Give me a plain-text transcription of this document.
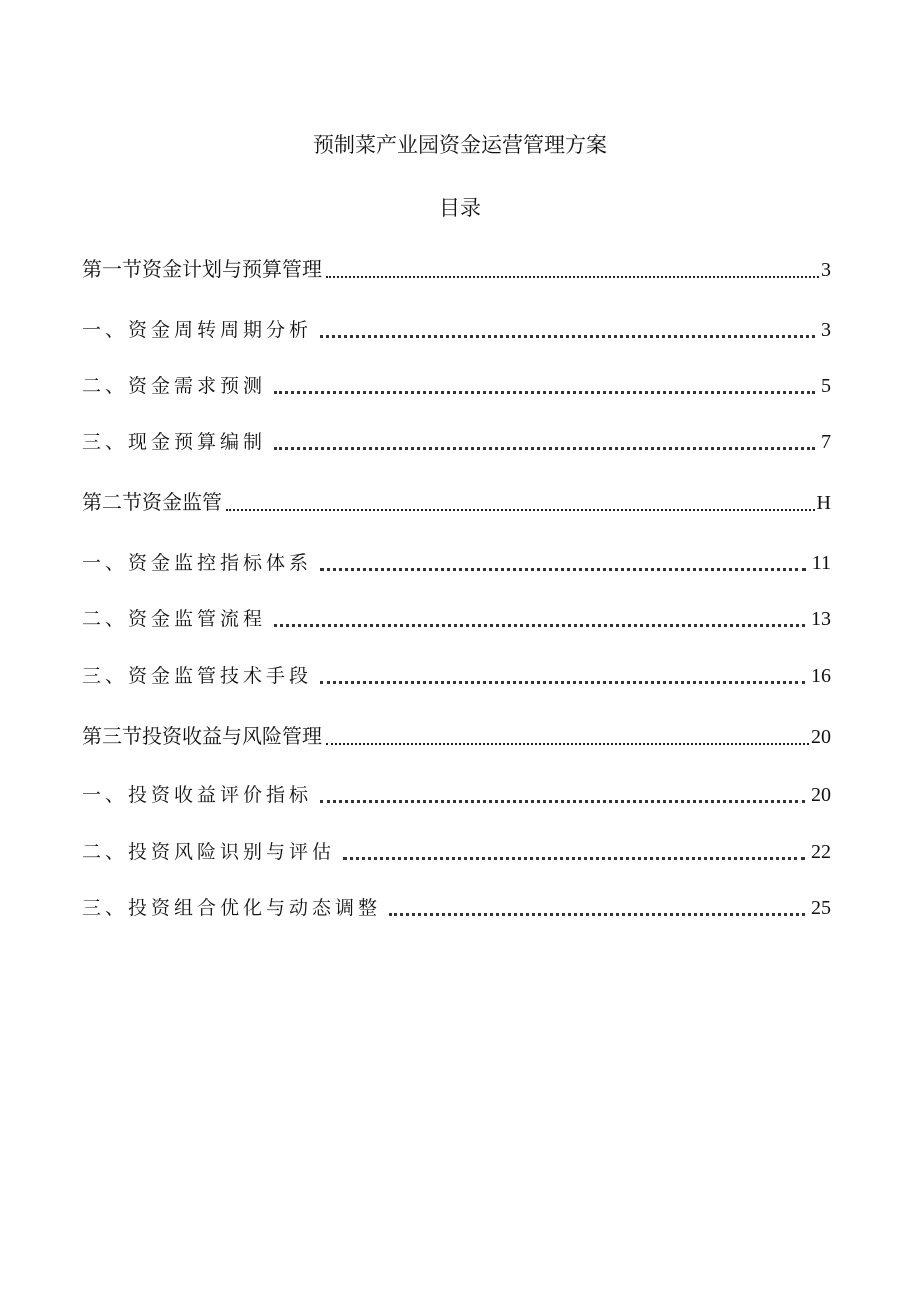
预制菜产业园资金运营管理方案
目录
第一节资金计划与预算管理	3
一、资金周转周期分析	3
二、资金需求预测	5
三、现金预算编制	7
第二节资金监管	H
一、资金监控指标体系	11
二、资金监管流程	13
三、资金监管技术手段	16
第三节投资收益与风险管理	20
一、投资收益评价指标	20
二、投资风险识别与评估	22
三、投资组合优化与动态调整	25
